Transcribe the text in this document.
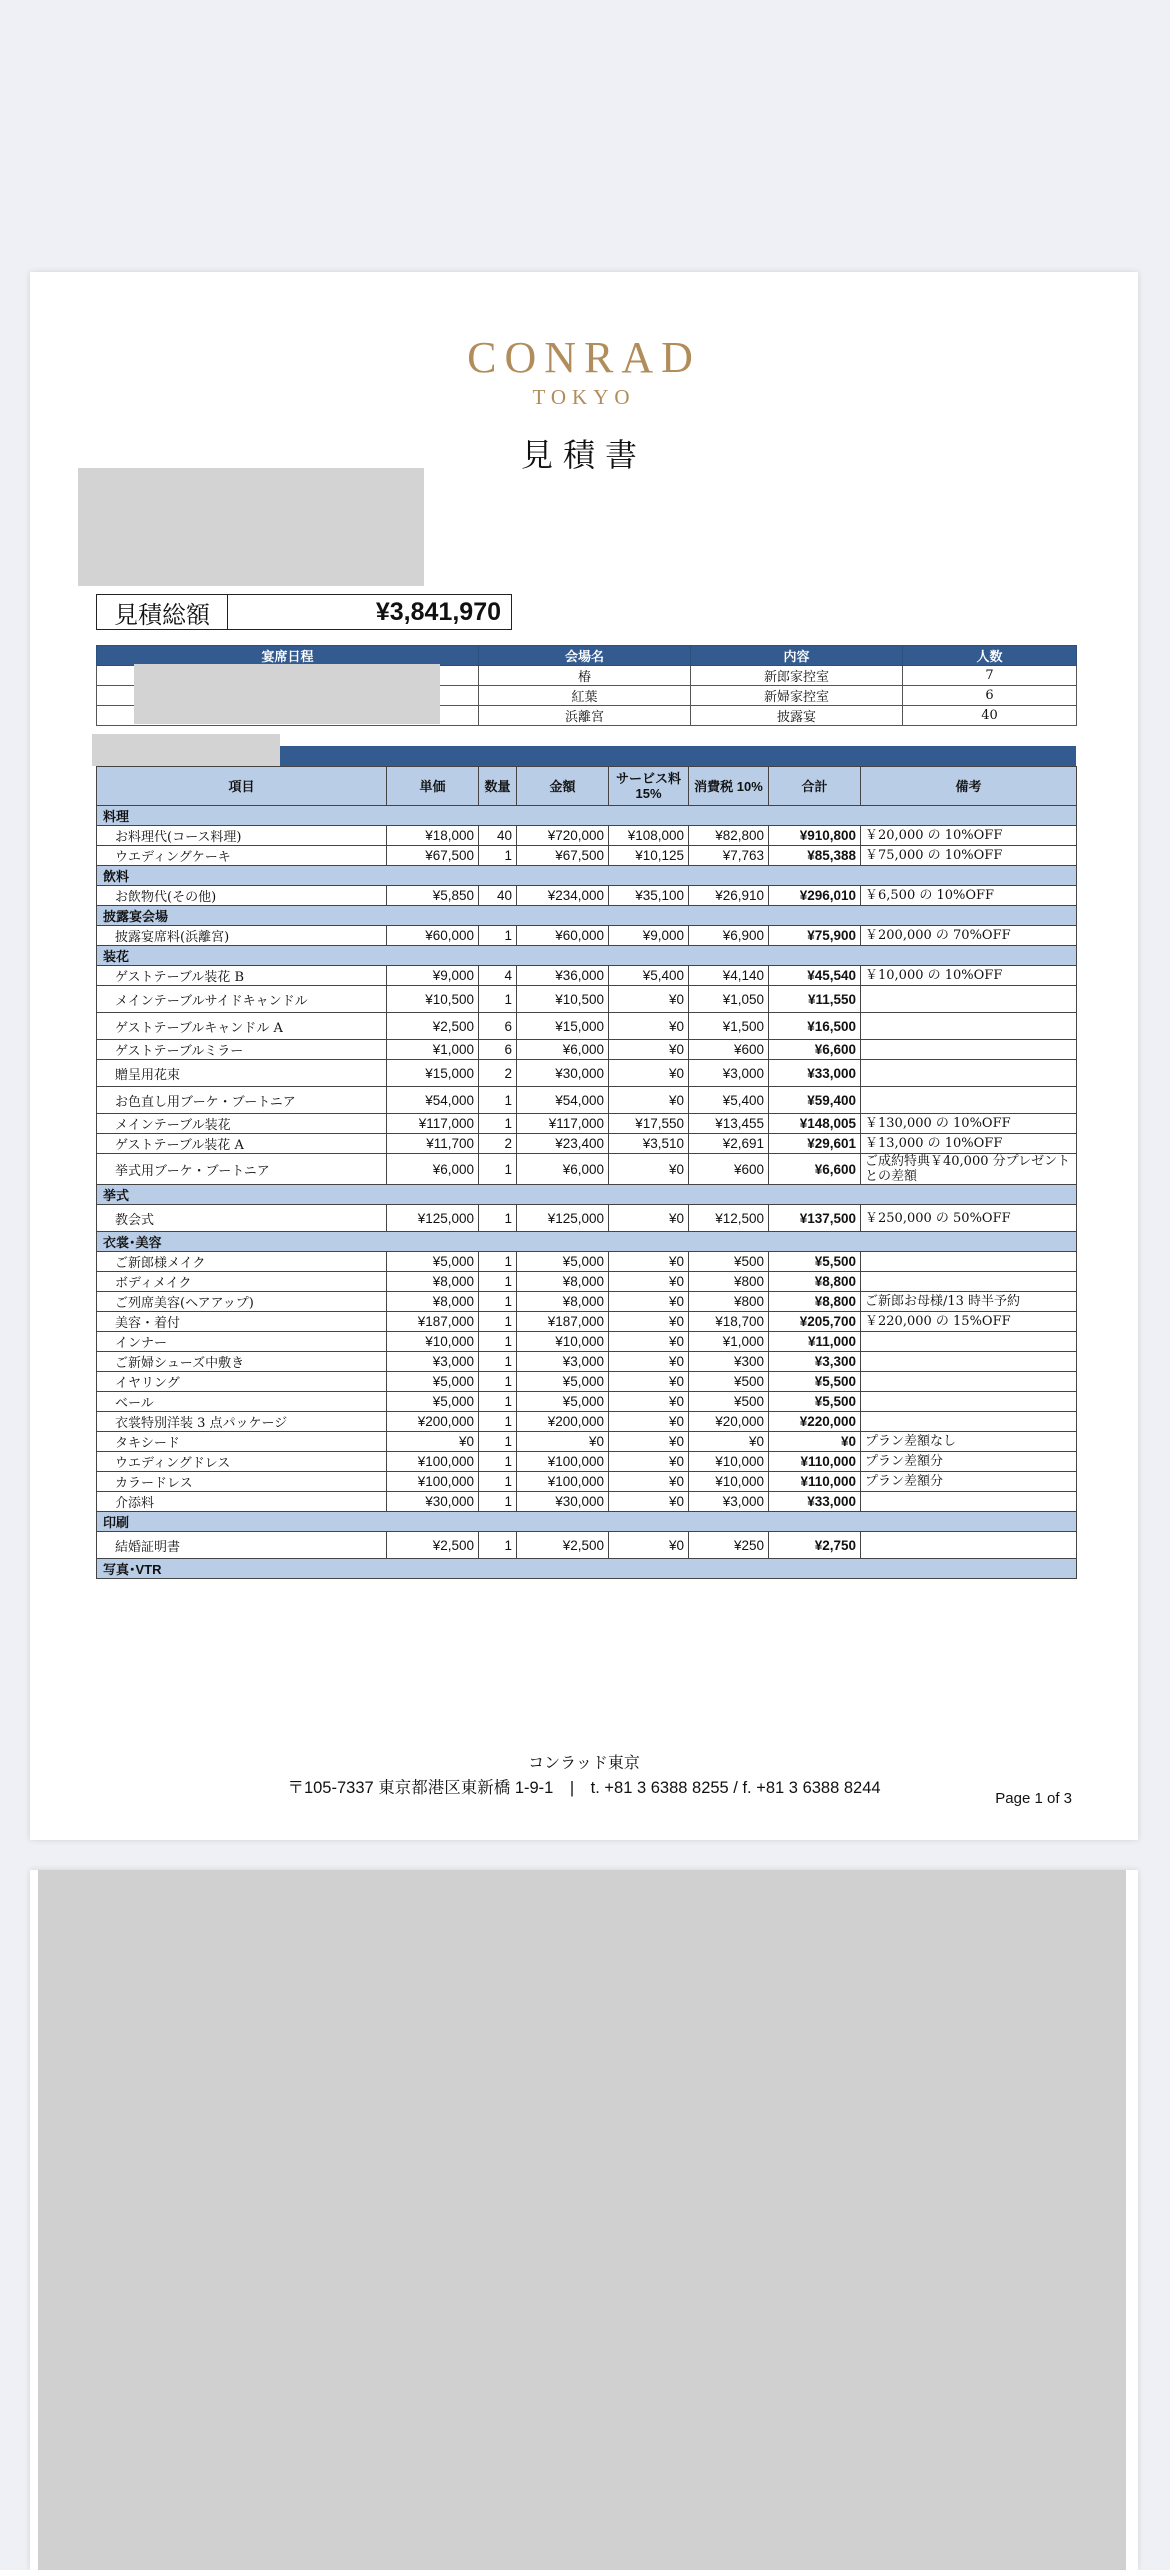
CONRAD
TOKYO
見積書
見積総額	¥3,841,970
宴席日程	会場名	内容	人数
	椿	新郎家控室	7
	紅葉	新婦家控室	6
	浜離宮	披露宴	40
項目	単価	数量	金額	サービス料 15%	消費税 10%	合計	備考
料理							
お料理代(コース料理)	¥18,000	40	¥720,000	¥108,000	¥82,800	¥910,800	￥20,000 の 10%OFF
ウエディングケーキ	¥67,500	1	¥67,500	¥10,125	¥7,763	¥85,388	￥75,000 の 10%OFF
飲料							
お飲物代(その他)	¥5,850	40	¥234,000	¥35,100	¥26,910	¥296,010	￥6,500 の 10%OFF
披露宴会場							
披露宴席料(浜離宮)	¥60,000	1	¥60,000	¥9,000	¥6,900	¥75,900	￥200,000 の 70%OFF
装花							
ゲストテーブル装花 B	¥9,000	4	¥36,000	¥5,400	¥4,140	¥45,540	￥10,000 の 10%OFF
メインテーブルサイドキャンドル	¥10,500	1	¥10,500	¥0	¥1,050	¥11,550	
ゲストテーブルキャンドル A	¥2,500	6	¥15,000	¥0	¥1,500	¥16,500	
ゲストテーブルミラー	¥1,000	6	¥6,000	¥0	¥600	¥6,600	
贈呈用花束	¥15,000	2	¥30,000	¥0	¥3,000	¥33,000	
お色直し用ブーケ・ブートニア	¥54,000	1	¥54,000	¥0	¥5,400	¥59,400	
メインテーブル装花	¥117,000	1	¥117,000	¥17,550	¥13,455	¥148,005	￥130,000 の 10%OFF
ゲストテーブル装花 A	¥11,700	2	¥23,400	¥3,510	¥2,691	¥29,601	￥13,000 の 10%OFF
挙式用ブーケ・ブートニア	¥6,000	1	¥6,000	¥0	¥600	¥6,600	ご成約特典￥40,000 分プレゼントとの差額
挙式							
教会式	¥125,000	1	¥125,000	¥0	¥12,500	¥137,500	￥250,000 の 50%OFF
衣裳･美容							
ご新郎様メイク	¥5,000	1	¥5,000	¥0	¥500	¥5,500	
ボディメイク	¥8,000	1	¥8,000	¥0	¥800	¥8,800	
ご列席美容(ヘアアップ)	¥8,000	1	¥8,000	¥0	¥800	¥8,800	ご新郎お母様/13 時半予約
美容・着付	¥187,000	1	¥187,000	¥0	¥18,700	¥205,700	￥220,000 の 15%OFF
インナー	¥10,000	1	¥10,000	¥0	¥1,000	¥11,000	
ご新婦シューズ中敷き	¥3,000	1	¥3,000	¥0	¥300	¥3,300	
イヤリング	¥5,000	1	¥5,000	¥0	¥500	¥5,500	
ベール	¥5,000	1	¥5,000	¥0	¥500	¥5,500	
衣裳特別洋装 3 点パッケージ	¥200,000	1	¥200,000	¥0	¥20,000	¥220,000	
タキシード	¥0	1	¥0	¥0	¥0	¥0	プラン差額なし
ウエディングドレス	¥100,000	1	¥100,000	¥0	¥10,000	¥110,000	プラン差額分
カラードレス	¥100,000	1	¥100,000	¥0	¥10,000	¥110,000	プラン差額分
介添料	¥30,000	1	¥30,000	¥0	¥3,000	¥33,000	
印刷							
結婚証明書	¥2,500	1	¥2,500	¥0	¥250	¥2,750	
写真･VTR							
コンラッド東京
〒105-7337 東京都港区東新橋 1-9-1　|　t. +81 3 6388 8255 / f. +81 3 6388 8244
Page 1 of 3
